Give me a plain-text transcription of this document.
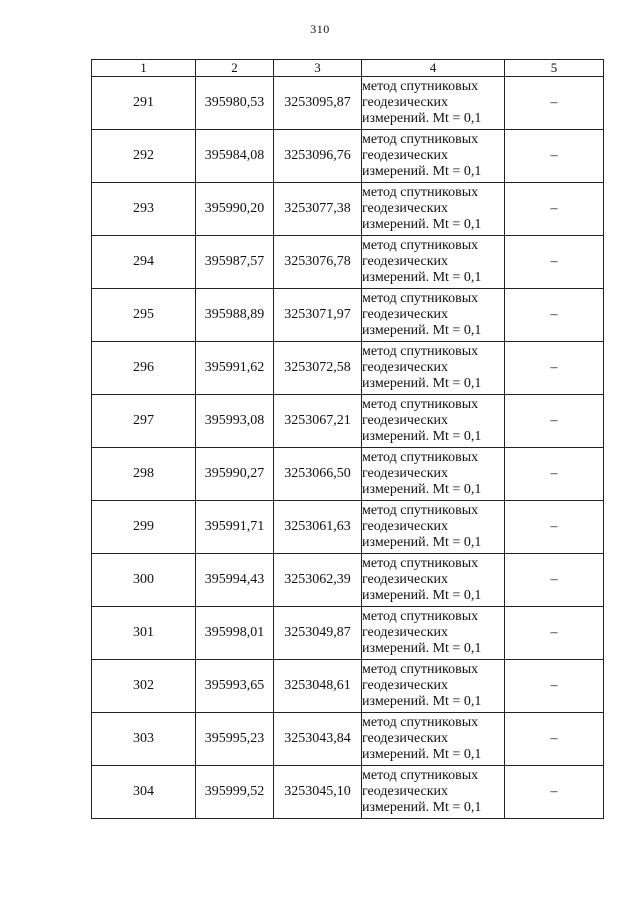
310
1	2	3	4	5
291	395980,53	3253095,87	метод спутниковых
геодезических
измерений. Mt = 0,1	–
292	395984,08	3253096,76	метод спутниковых
геодезических
измерений. Mt = 0,1	–
293	395990,20	3253077,38	метод спутниковых
геодезических
измерений. Mt = 0,1	–
294	395987,57	3253076,78	метод спутниковых
геодезических
измерений. Mt = 0,1	–
295	395988,89	3253071,97	метод спутниковых
геодезических
измерений. Mt = 0,1	–
296	395991,62	3253072,58	метод спутниковых
геодезических
измерений. Mt = 0,1	–
297	395993,08	3253067,21	метод спутниковых
геодезических
измерений. Mt = 0,1	–
298	395990,27	3253066,50	метод спутниковых
геодезических
измерений. Mt = 0,1	–
299	395991,71	3253061,63	метод спутниковых
геодезических
измерений. Mt = 0,1	–
300	395994,43	3253062,39	метод спутниковых
геодезических
измерений. Mt = 0,1	–
301	395998,01	3253049,87	метод спутниковых
геодезических
измерений. Mt = 0,1	–
302	395993,65	3253048,61	метод спутниковых
геодезических
измерений. Mt = 0,1	–
303	395995,23	3253043,84	метод спутниковых
геодезических
измерений. Mt = 0,1	–
304	395999,52	3253045,10	метод спутниковых
геодезических
измерений. Mt = 0,1	–
